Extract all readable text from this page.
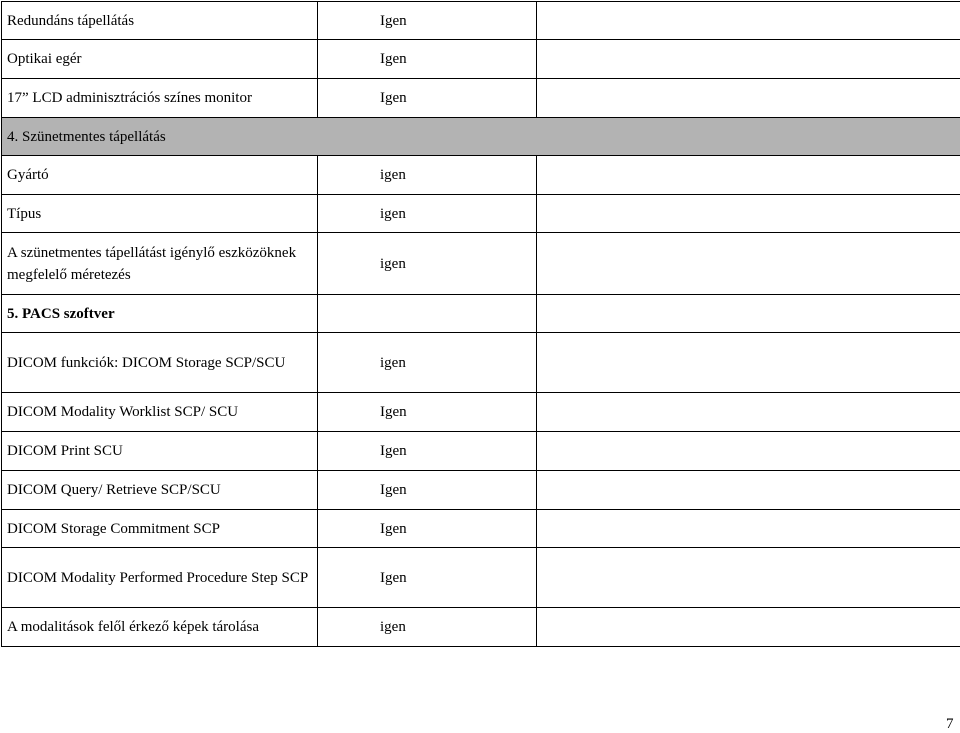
Redundáns tápellátás	Igen	
Optikai egér	Igen	
17” LCD adminisztrációs színes monitor	Igen	
4. Szünetmentes tápellátás		
Gyártó	igen	
Típus	igen	
A szünetmentes tápellátást igénylő eszközöknek megfelelő méretezés	igen	
5. PACS szoftver		
DICOM funkciók: DICOM Storage SCP/SCU	igen	
DICOM Modality Worklist SCP/ SCU	Igen	
DICOM Print SCU	Igen	
DICOM Query/ Retrieve SCP/SCU	Igen	
DICOM Storage Commitment SCP	Igen	
DICOM Modality Performed Procedure Step SCP	Igen	
A modalitások felől érkező képek tárolása	igen	
7
